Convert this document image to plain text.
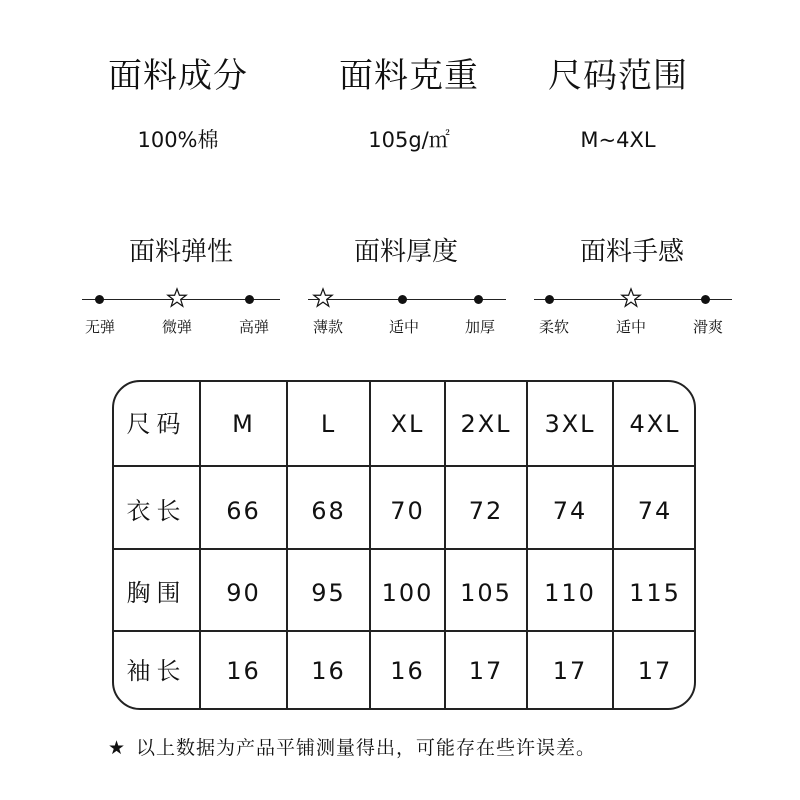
面料成分
100%棉
面料克重
105g/㎡
尺码范围
M~4XL
面料弹性
无弹	微弹	高弹
面料厚度
薄款	适中	加厚
面料手感
柔软	适中	滑爽
尺码	M	L	XL	2XL	3XL	4XL
衣长	66	68	70	72	74	74
胸围	90	95	100	105	110	115
袖长	16	16	16	17	17	17
★ 以上数据为产品平铺测量得出，可能存在些许误差。
